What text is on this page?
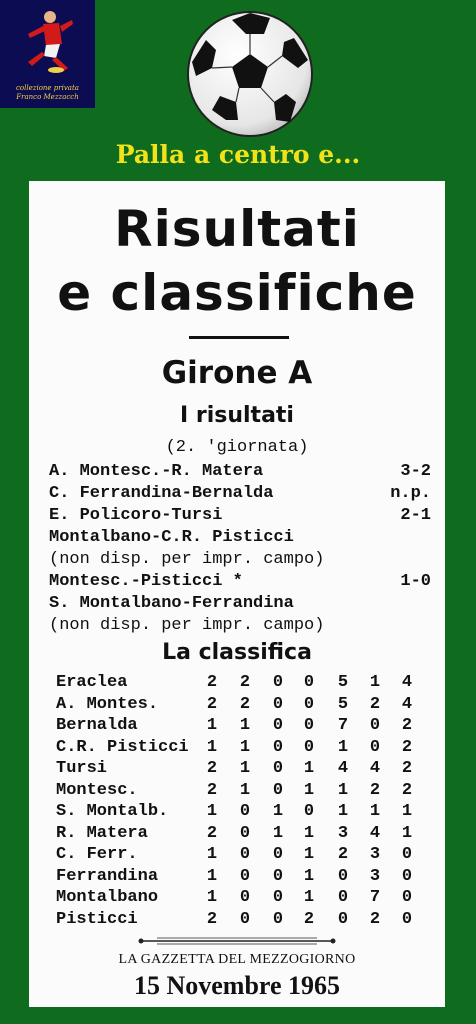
collezione privata
Franco Mezzacch
Palla a centro e...
Risultati
e classifiche
Girone A
I risultati
(2. 'giornata)
A. Montesc.-R. Matera	3-2
C. Ferrandina-Bernalda	n.p.
E. Policoro-Tursi	2-1
Montalbano-C.R. Pisticci
(non disp. per impr. campo)
Montesc.-Pisticci *	1-0
S. Montalbano-Ferrandina
(non disp. per impr. campo)
La classifica
Eraclea	2 2 0 0 5 1 4
A. Montes.	2 2 0 0 5 2 4
Bernalda	1 1 0 0 7 0 2
C.R. Pisticci 1 1 0 0 1 0 2
Tursi	2 1 0 1 4 4 2
Montesc.	2 1 0 1 1 2 2
S. Montalb. 1 0 1 0 1 1 1
R. Matera	2 0 1 1 3 4 1
C. Ferr.	1 0 0 1 2 3 0
Ferrandina	1 0 0 1 0 3 0
Montalbano	1 0 0 1 0 7 0
Pisticci	2 0 0 2 0 2 0
LA GAZZETTA DEL MEZZOGIORNO
15 Novembre 1965
